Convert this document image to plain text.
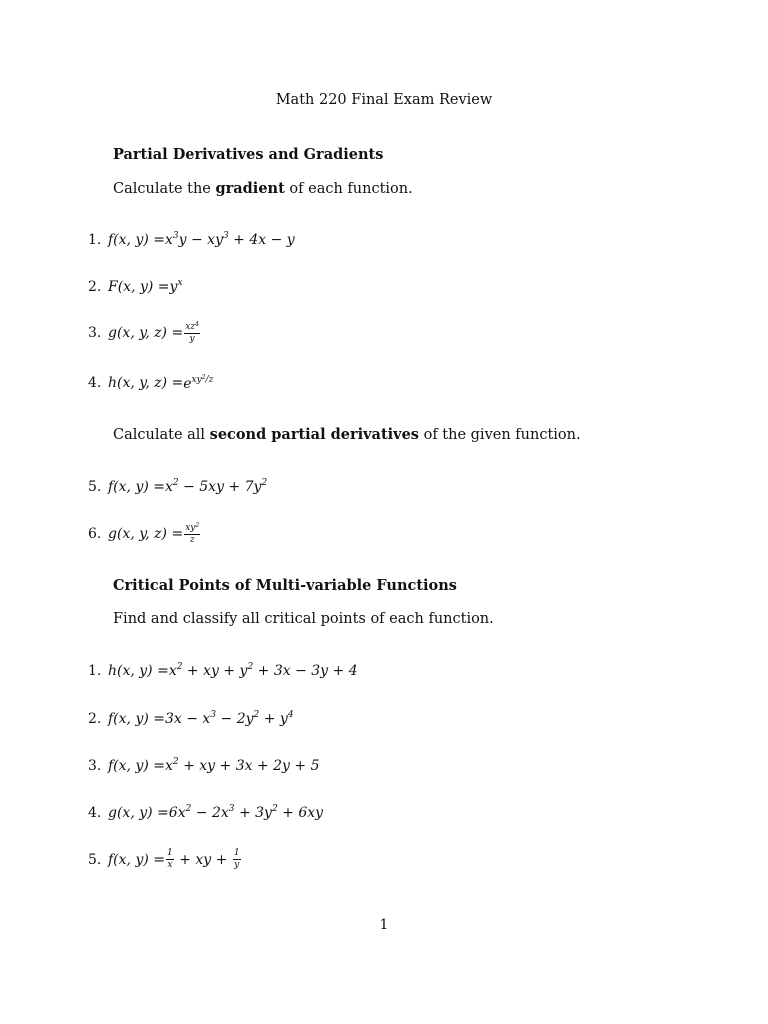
Math 220 Final Exam Review
Partial Derivatives and Gradients
Calculate the gradient of each function.
1. f(x, $y) = x^3y - xy^3 + 4x - y$
2. F(x, $y) = y^x$
3. g(x, y, $z) = \frac{xz^4}{y}$
4. h(x, y, $z) = e^{xy^2/z}$
Calculate all second partial derivatives of the given function.
5. f(x, $y) = x^2 - 5xy + 7y^2$
6. g(x, y, $z) = \frac{xy^2}{z}$
Critical Points of Multi-variable Functions
Find and classify all critical points of each function.
1. h(x, $y) = x^2$ + xy + $y^2 + 3x - 3y + 4$
2. f(x, $y) = 3x - x^3 - 2y^2 + y^4$
3. f(x, $y) = x^2$ + xy + 3x + 2y + 5
4. g(x, $y) = 6x^2 - 2x^3 + 3y^2 + 6xy$
5. f(x, $y) = \frac{1}{x}$ + xy + $\frac{1}{y}$
1
